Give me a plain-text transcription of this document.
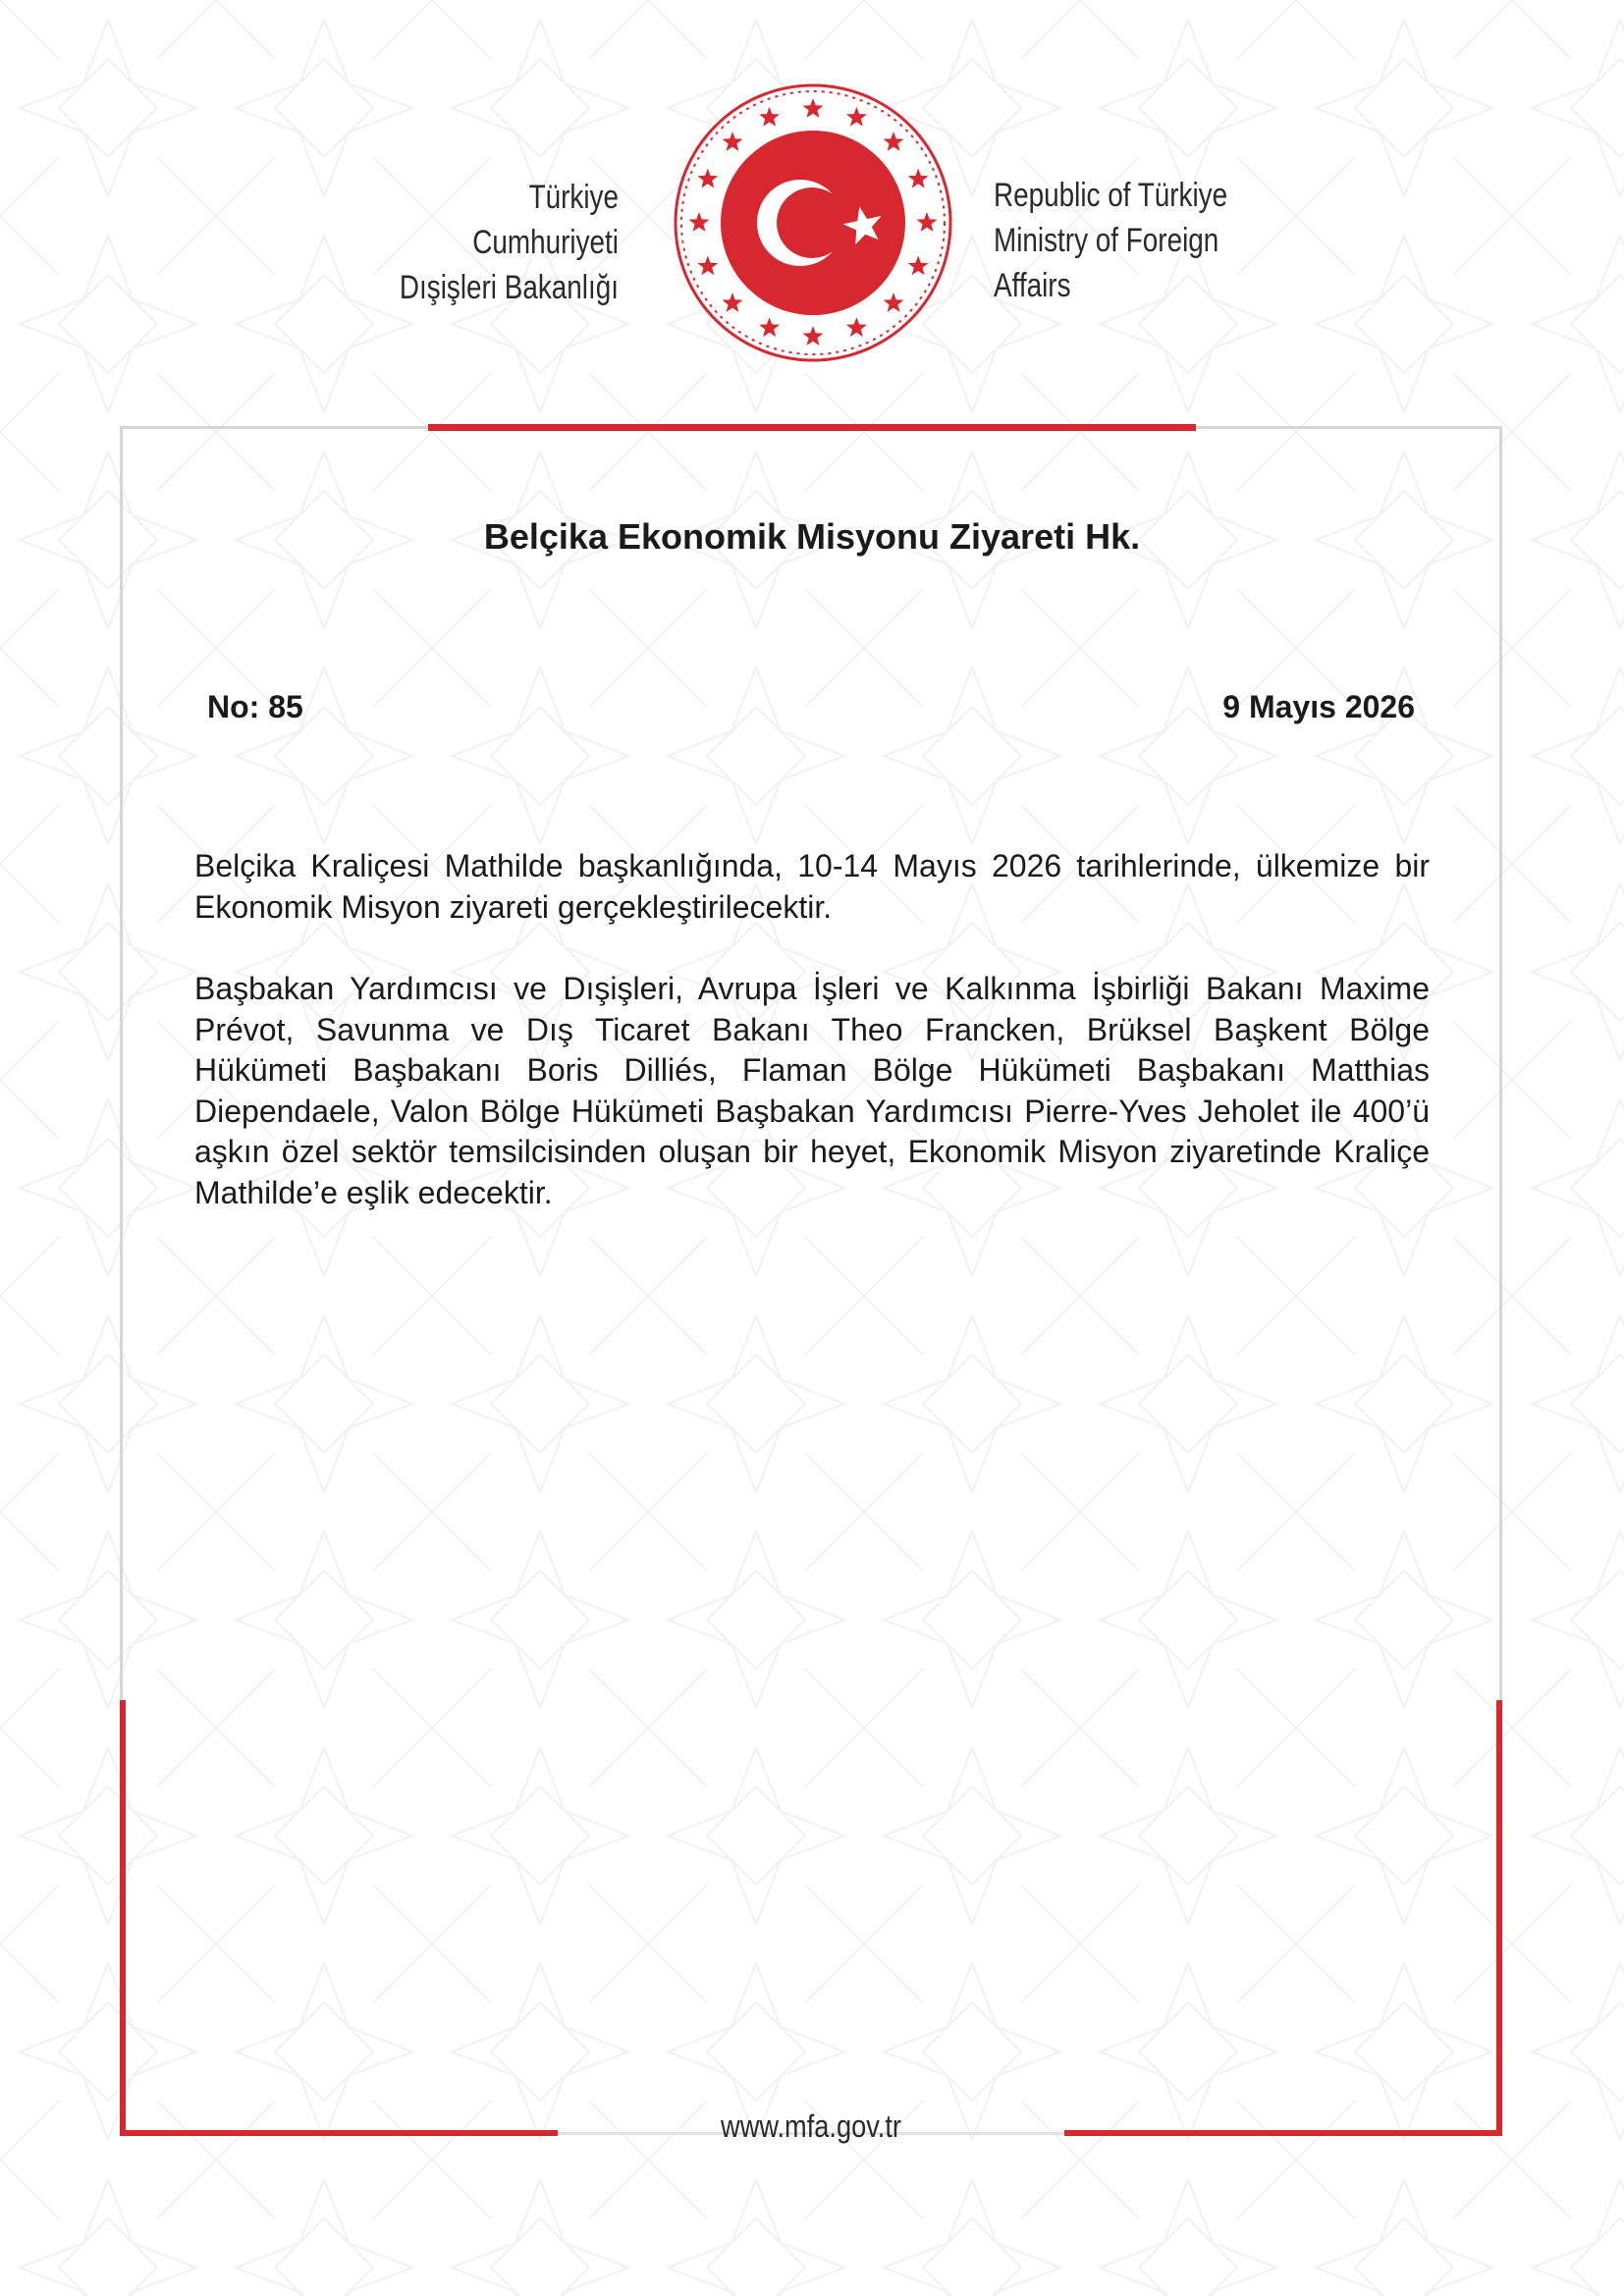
Türkiye Cumhuriyeti
Dışişleri Bakanlığı
Republic of Türkiye
Ministry of Foreign Affairs
Belçika Ekonomik Misyonu Ziyareti Hk.
No: 85	9 Mayıs 2026

Belçika Kraliçesi Mathilde başkanlığında, 10-14 Mayıs 2026 tarihlerinde, ülkemize bir Ekonomik Misyon ziyareti gerçekleştirilecektir.

Başbakan Yardımcısı ve Dışişleri, Avrupa İşleri ve Kalkınma İşbirliği Bakanı Maxime Prévot, Savunma ve Dış Ticaret Bakanı Theo Francken, Brüksel Başkent Bölge Hükümeti Başbakanı Boris Dilliés, Flaman Bölge Hükümeti Başbakanı Matthias Diependaele, Valon Bölge Hükümeti Başbakan Yardımcısı Pierre-Yves Jeholet ile 400’ü aşkın özel sektör temsilcisinden oluşan bir heyet, Ekonomik Misyon ziyaretinde Kraliçe Mathilde’e eşlik edecektir.

www.mfa.gov.tr
